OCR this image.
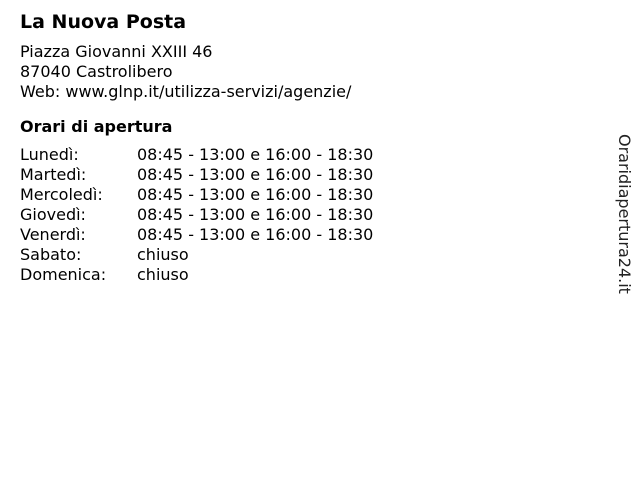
La Nuova Posta
Piazza Giovanni XXIII 46
87040 Castrolibero
Web: www.glnp.it/utilizza-servizi/agenzie/
Orari di apertura
Lunedì:	08:45 - 13:00 e 16:00 - 18:30
Martedì:	08:45 - 13:00 e 16:00 - 18:30
Mercoledì:	08:45 - 13:00 e 16:00 - 18:30
Giovedì:	08:45 - 13:00 e 16:00 - 18:30
Venerdì:	08:45 - 13:00 e 16:00 - 18:30
Sabato:	chiuso
Domenica:	chiuso	Oraridiapertura24.it
